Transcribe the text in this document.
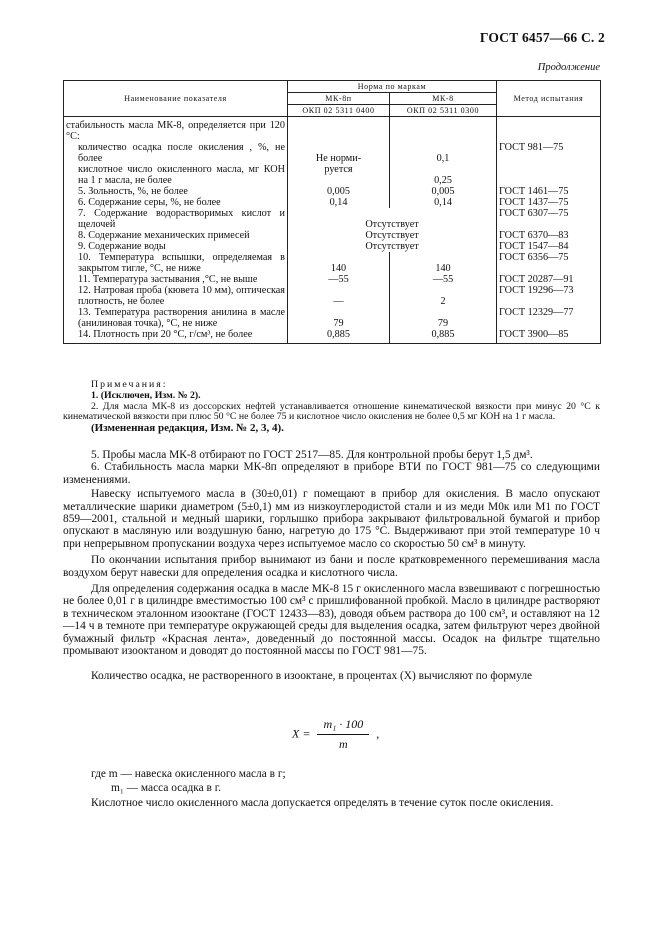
ГОСТ 6457—66 С. 2
Продолжение
Наименование показателя	Норма по маркам		Метод испытания
	МК-8п	МК-8	
	ОКП 02 5311 0400	ОКП 02 5311 0300	
стабильность масла МК-8, определяется при 120 °С:			
количество осадка после окисления , %, не более	Не норми-	0,1	ГОСТ 981—75
кислотное число окисленного масла, мг КОН на 1 г масла, не более	руется	0,25	
5. Зольность, %, не более	0,005	0,005	ГОСТ 1461—75
6. Содержание серы, %, не более	0,14	0,14	ГОСТ 1437—75
7. Содержание водорастворимых кислот и щелочей	Отсутствует		ГОСТ 6307—75
8. Содержание механических примесей	Отсутствует		ГОСТ 6370—83
9. Содержание воды	Отсутствует		ГОСТ 1547—84
10. Температура вспышки, определяемая в закрытом тигле, °С, не ниже	140	140	ГОСТ 6356—75
11. Температура застывания ,°С, не выше	—55	—55	ГОСТ 20287—91
12. Натровая проба (кювета 10 мм), оптическая плотность, не более	—	2	ГОСТ 19296—73
13. Температура растворения анилина в масле (анилиновая точка), °С, не ниже	79	79	ГОСТ 12329—77
14. Плотность при 20 °С, г/см³, не более	0,885	0,885	ГОСТ 3900—85

Примечания:

1. (Исключен, Изм. № 2).

2. Для масла МК-8 из доссорских нефтей устанавливается отношение кинематической вязкости при минус 20 °С к кинематической вязкости при плюс 50 °С не более 75 и кислотное число окисления не более 0,5 мг КОН на 1 г масла.

(Измененная редакция, Изм. № 2, 3, 4).

5. Пробы масла МК-8 отбирают по ГОСТ 2517—85. Для контрольной пробы берут 1,5 дм³.

6. Стабильность масла марки МК-8п определяют в приборе ВТИ по ГОСТ 981—75 со следующими изменениями.

Навеску испытуемого масла в (30±0,01) г помещают в прибор для окисления. В масло опускают металлические шарики диаметром (5±0,1) мм из низкоуглеродистой стали и из меди М0к или М1 по ГОСТ 859—2001, стальной и медный шарики, горлышко прибора закрывают фильтровальной бумагой и прибор опускают в масляную или воздушную баню, нагретую до 175 °С. Выдерживают при этой температуре 10 ч при непрерывном пропускании воздуха через испытуемое масло со скоростью 50 см³ в минуту.

По окончании испытания прибор вынимают из бани и после кратковременного перемешивания масла воздухом берут навески для определения осадка и кислотного числа.

Для определения содержания осадка в масле МК-8 15 г окисленного масла взвешивают с погрешностью не более 0,01 г в цилиндре вместимостью 100 см³ с пришлифованной пробкой. Масло в цилиндре растворяют в техническом эталонном изооктане (ГОСТ 12433—83), доводя объем раствора до 100 см³, и оставляют на 12—14 ч в темноте при температуре окружающей среды для выделения осадка, затем фильтруют через двойной бумажный фильтр «Красная лента», доведенный до постоянной массы. Осадок на фильтре тщательно промывают изооктаном и доводят до постоянной массы по ГОСТ 981—75.

Количество осадка, не растворенного в изооктане, в процентах (X) вычисляют по формуле

$X = \frac{\text{m₁ · 100}}{m}$ ,

где m — навеска окисленного масла в г;

m₁ — масса осадка в г.

Кислотное число окисленного масла допускается определять в течение суток после окисления.
